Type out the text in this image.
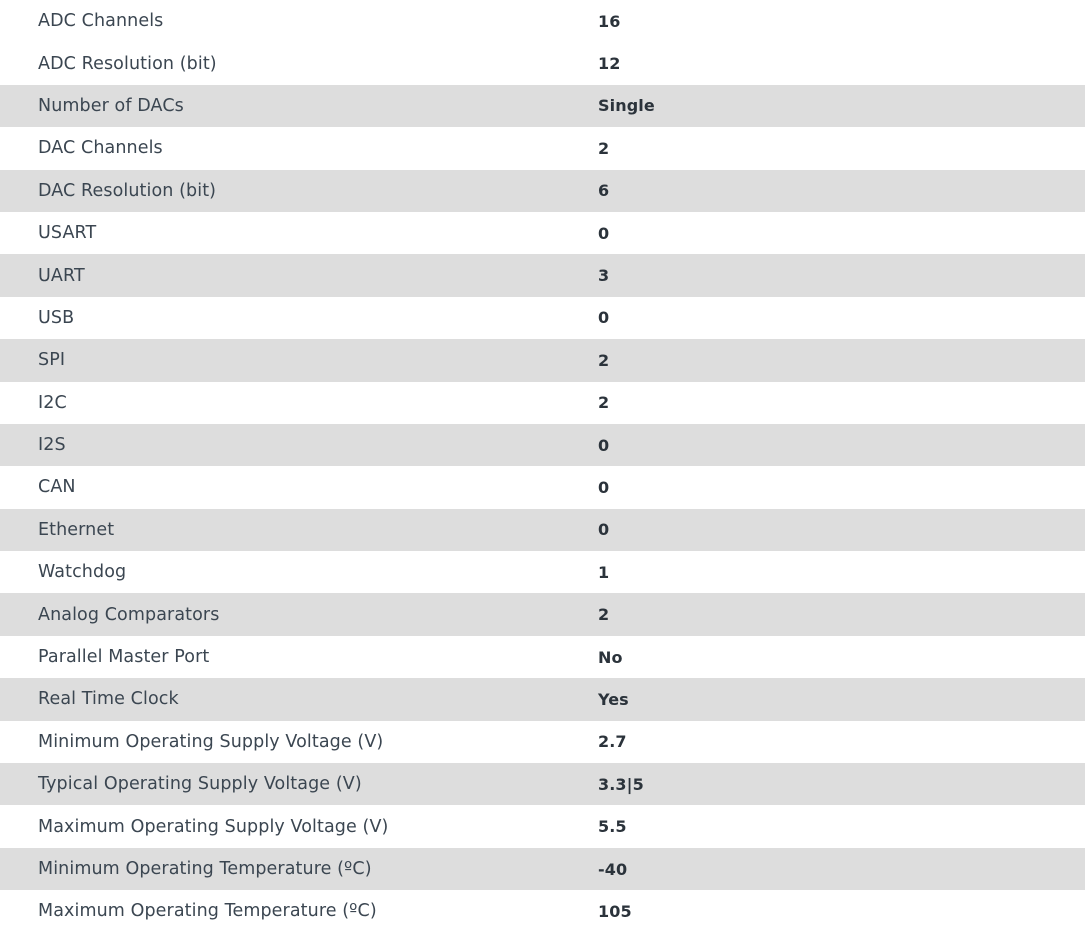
ADC Channels	16
ADC Resolution (bit)	12
Number of DACs	Single
DAC Channels	2
DAC Resolution (bit)	6
USART	0
UART	3
USB	0
SPI	2
I2C	2
I2S	0
CAN	0
Ethernet	0
Watchdog	1
Analog Comparators	2
Parallel Master Port	No
Real Time Clock	Yes
Minimum Operating Supply Voltage (V)	2.7
Typical Operating Supply Voltage (V)	3.3|5
Maximum Operating Supply Voltage (V)	5.5
Minimum Operating Temperature (ºC)	-40
Maximum Operating Temperature (ºC)	105
